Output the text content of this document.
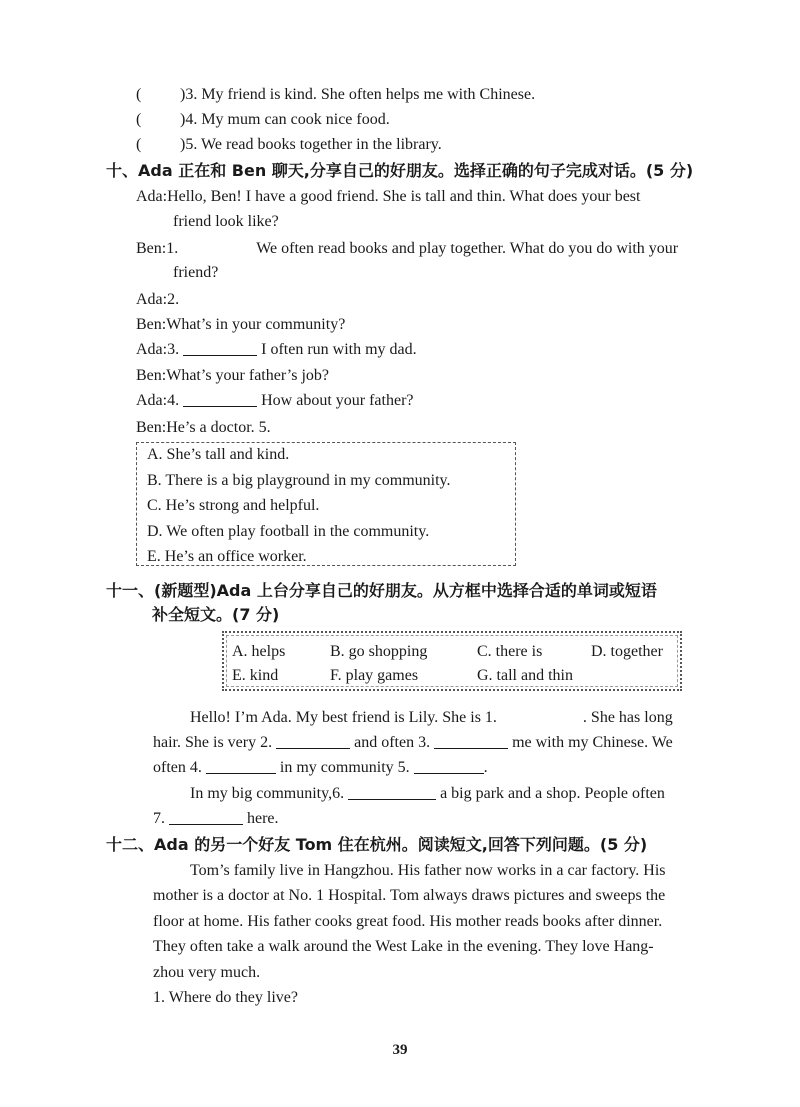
( )3. My friend is kind. She often helps me with Chinese.
( )4. My mum can cook nice food.
( )5. We read books together in the library.
十、Ada 正在和 Ben 聊天,分享自己的好朋友。选择正确的句子完成对话。(5 分)
Ada:Hello, Ben! I have a good friend. She is tall and thin. What does your best
friend look like?
Ben:1.	We often read books and play together. What do you do with your
friend?
Ada:2.
Ben:What’s in your community?
Ada:3.	I often run with my dad.
Ben:What’s your father’s job?
Ada:4.	How about your father?
Ben:He’s a doctor. 5.
A. She’s tall and kind.
B. There is a big playground in my community.
C. He’s strong and helpful.
D. We often play football in the community.
E. He’s an office worker.
十一、(新题型)Ada 上台分享自己的好朋友。从方框中选择合适的单词或短语
补全短文。(7 分)
A. helps	B. go shopping	C. there is	D. together
E. kind	F. play games	G. tall and thin
Hello! I’m Ada. My best friend is Lily. She is 1.	. She has long
hair. She is very 2.	and often 3.	me with my Chinese. We
often 4.	in my community 5.	.
In my big community,6.	a big park and a shop. People often
7.	here.
十二、Ada 的另一个好友 Tom 住在杭州。阅读短文,回答下列问题。(5 分)
Tom’s family live in Hangzhou. His father now works in a car factory. His
mother is a doctor at No. 1 Hospital. Tom always draws pictures and sweeps the
floor at home. His father cooks great food. His mother reads books after dinner.
They often take a walk around the West Lake in the evening. They love Hang-
zhou very much.
1. Where do they live?
39
